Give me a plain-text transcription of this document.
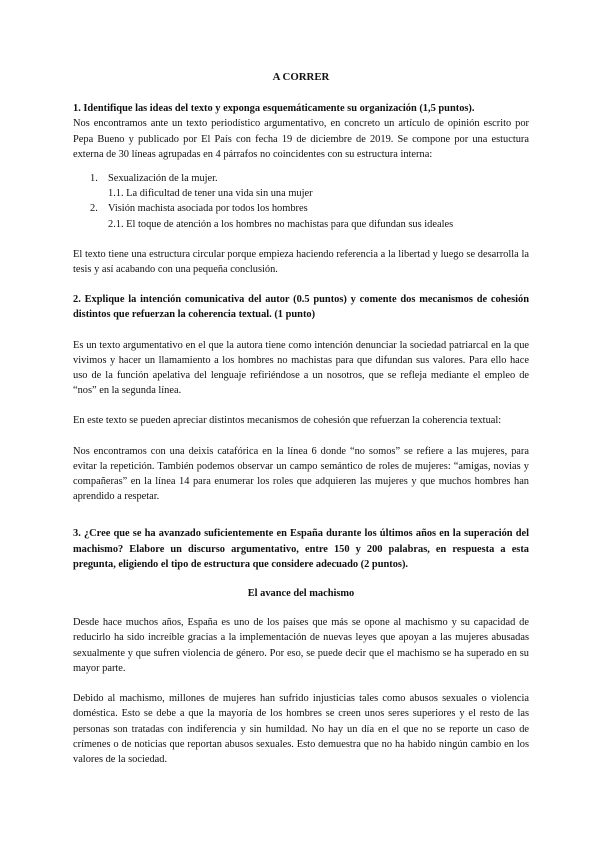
A CORRER

1. Identifique las ideas del texto y exponga esquemáticamente su organización (1,5 puntos).

Nos encontramos ante un texto periodístico argumentativo, en concreto un artículo de opinión escrito por Pepa Bueno y publicado por El País con fecha 19 de diciembre de 2019. Se compone por una estuctura externa de 30 líneas agrupadas en 4 párrafos no coincidentes con su estructura interna:

1. Sexualización de la mujer.
1.1. La dificultad de tener una vida sin una mujer
2. Visión machista asociada por todos los hombres
2.1. El toque de atención a los hombres no machistas para que difundan sus ideales

El texto tiene una estructura circular porque empieza haciendo referencia a la libertad y luego se desarrolla la tesis y así acabando con una pequeña conclusión.

2. Explique la intención comunicativa del autor (0.5 puntos) y comente dos mecanismos de cohesión distintos que refuerzan la coherencia textual. (1 punto)

Es un texto argumentativo en el que la autora tiene como intención denunciar la sociedad patriarcal en la que vivimos y hacer un llamamiento a los hombres no machistas para que difundan sus valores. Para ello hace uso de la función apelativa del lenguaje refiriéndose a un nosotros, que se refleja mediante el empleo de “nos” en la segunda línea.

En este texto se pueden apreciar distintos mecanismos de cohesión que refuerzan la coherencia textual:

Nos encontramos con una deixis catafórica en la línea 6 donde “no somos” se refiere a las mujeres, para evitar la repetición. También podemos observar un campo semántico de roles de mujeres: “amigas, novias y compañeras” en la línea 14 para enumerar los roles que adquieren las mujeres y que muchos hombres han aprendido a respetar.

3. ¿Cree que se ha avanzado suficientemente en España durante los últimos años en la superación del machismo? Elabore un discurso argumentativo, entre 150 y 200 palabras, en respuesta a esta pregunta, eligiendo el tipo de estructura que considere adecuado (2 puntos).

El avance del machismo

Desde hace muchos años, España es uno de los países que más se opone al machismo y su capacidad de reducirlo ha sido increíble gracias a la implementación de nuevas leyes que apoyan a las mujeres abusadas sexualmente y que sufren violencia de género. Por eso, se puede decir que el machismo se ha superado en su mayor parte.

Debido al machismo, millones de mujeres han sufrido injusticias tales como abusos sexuales o violencia doméstica. Esto se debe a que la mayoría de los hombres se creen unos seres superiores y el resto de las personas son tratadas con indiferencia y sin humildad. No hay un día en el que no se reporte un caso de crímenes o de noticias que reportan abusos sexuales. Esto demuestra que no ha habido ningún cambio en los valores de la sociedad.
